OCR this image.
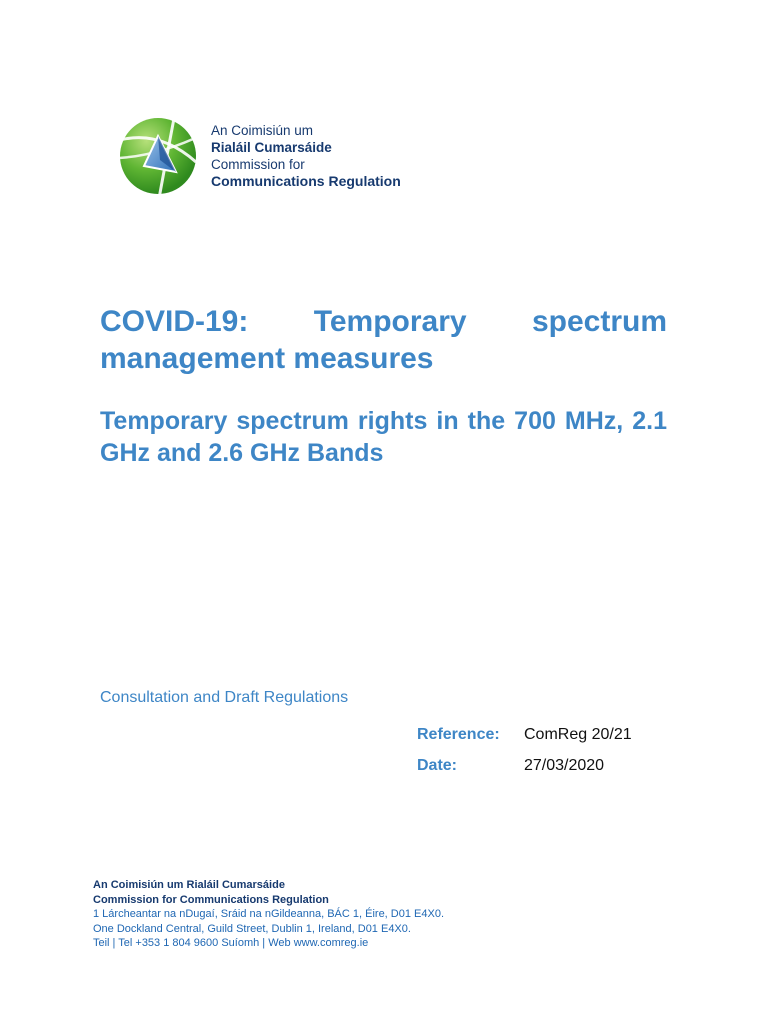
An Coimisiún um
Rialáil Cumarsáide
Commission for
Communications Regulation
COVID-19: Temporary spectrum management measures
Temporary spectrum rights in the 700 MHz, 2.1 GHz and 2.6 GHz Bands

Consultation and Draft Regulations

Reference:	ComReg 20/21
Date:	27/03/2020
An Coimisiún um Rialáil Cumarsáide
Commission for Communications Regulation
1 Lárcheantar na nDugaí, Sráid na nGildeanna, BÁC 1, Éire, D01 E4X0.
One Dockland Central, Guild Street, Dublin 1, Ireland, D01 E4X0.
Teil | Tel +353 1 804 9600 Suíomh | Web www.comreg.ie
